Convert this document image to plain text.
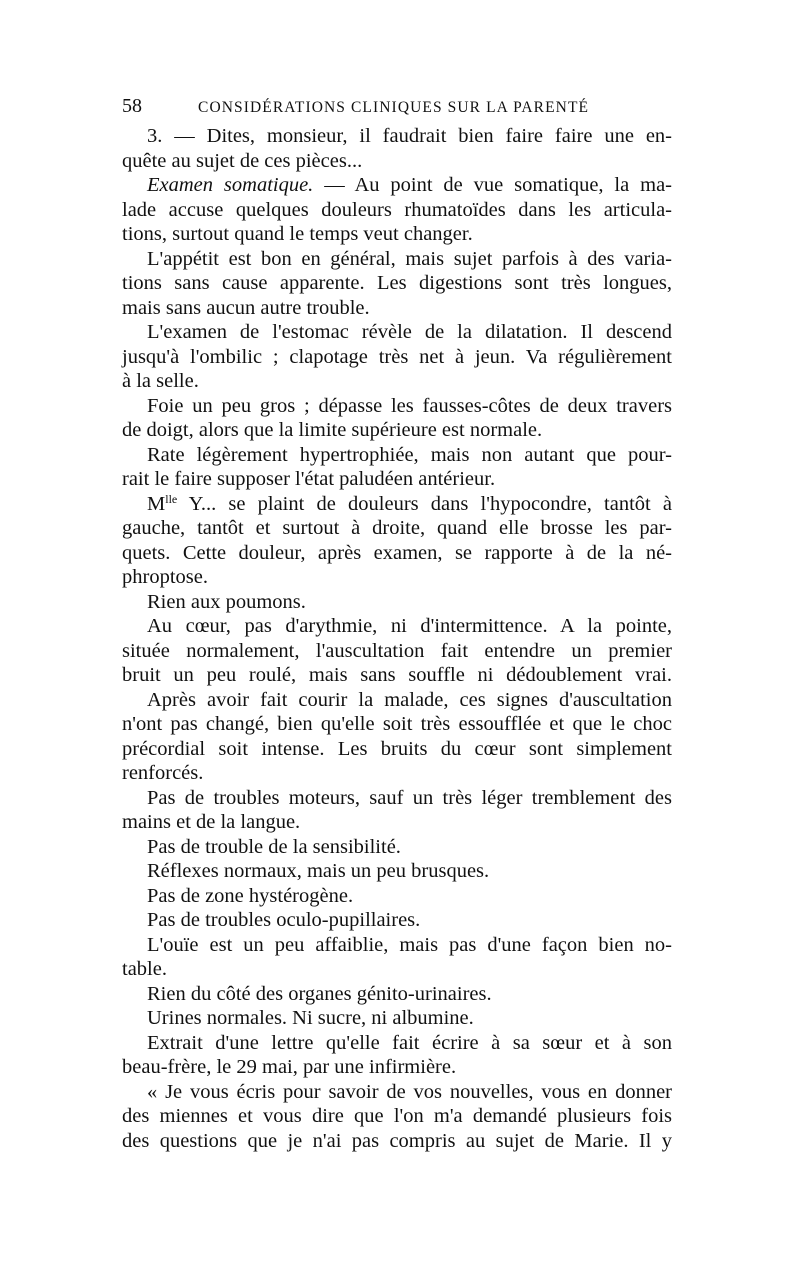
58	CONSIDÉRATIONS CLINIQUES SUR LA PARENTÉ
3. — Dites, monsieur, il faudrait bien faire faire une en-
quête au sujet de ces pièces...
Examen somatique. — Au point de vue somatique, la ma-
lade accuse quelques douleurs rhumatoïdes dans les articula-
tions, surtout quand le temps veut changer.
L'appétit est bon en général, mais sujet parfois à des varia-
tions sans cause apparente. Les digestions sont très longues,
mais sans aucun autre trouble.
L'examen de l'estomac révèle de la dilatation. Il descend
jusqu'à l'ombilic ; clapotage très net à jeun. Va régulièrement
à la selle.
Foie un peu gros ; dépasse les fausses-côtes de deux travers
de doigt, alors que la limite supérieure est normale.
Rate légèrement hypertrophiée, mais non autant que pour-
rait le faire supposer l'état paludéen antérieur.
$M^{lle}$ Y... se plaint de douleurs dans l'hypocondre, tantôt à
gauche, tantôt et surtout à droite, quand elle brosse les par-
quets. Cette douleur, après examen, se rapporte à de la né-
phroptose.
Rien aux poumons.
Au cœur, pas d'arythmie, ni d'intermittence. A la pointe,
située normalement, l'auscultation fait entendre un premier
bruit un peu roulé, mais sans souffle ni dédoublement vrai.
Après avoir fait courir la malade, ces signes d'auscultation
n'ont pas changé, bien qu'elle soit très essoufflée et que le choc
précordial soit intense. Les bruits du cœur sont simplement
renforcés.
Pas de troubles moteurs, sauf un très léger tremblement des
mains et de la langue.
Pas de trouble de la sensibilité.
Réflexes normaux, mais un peu brusques.
Pas de zone hystérogène.
Pas de troubles oculo-pupillaires.
L'ouïe est un peu affaiblie, mais pas d'une façon bien no-
table.
Rien du côté des organes génito-urinaires.
Urines normales. Ni sucre, ni albumine.
Extrait d'une lettre qu'elle fait écrire à sa sœur et à son
beau-frère, le 29 mai, par une infirmière.
« Je vous écris pour savoir de vos nouvelles, vous en donner
des miennes et vous dire que l'on m'a demandé plusieurs fois
des questions que je n'ai pas compris au sujet de Marie. Il y
